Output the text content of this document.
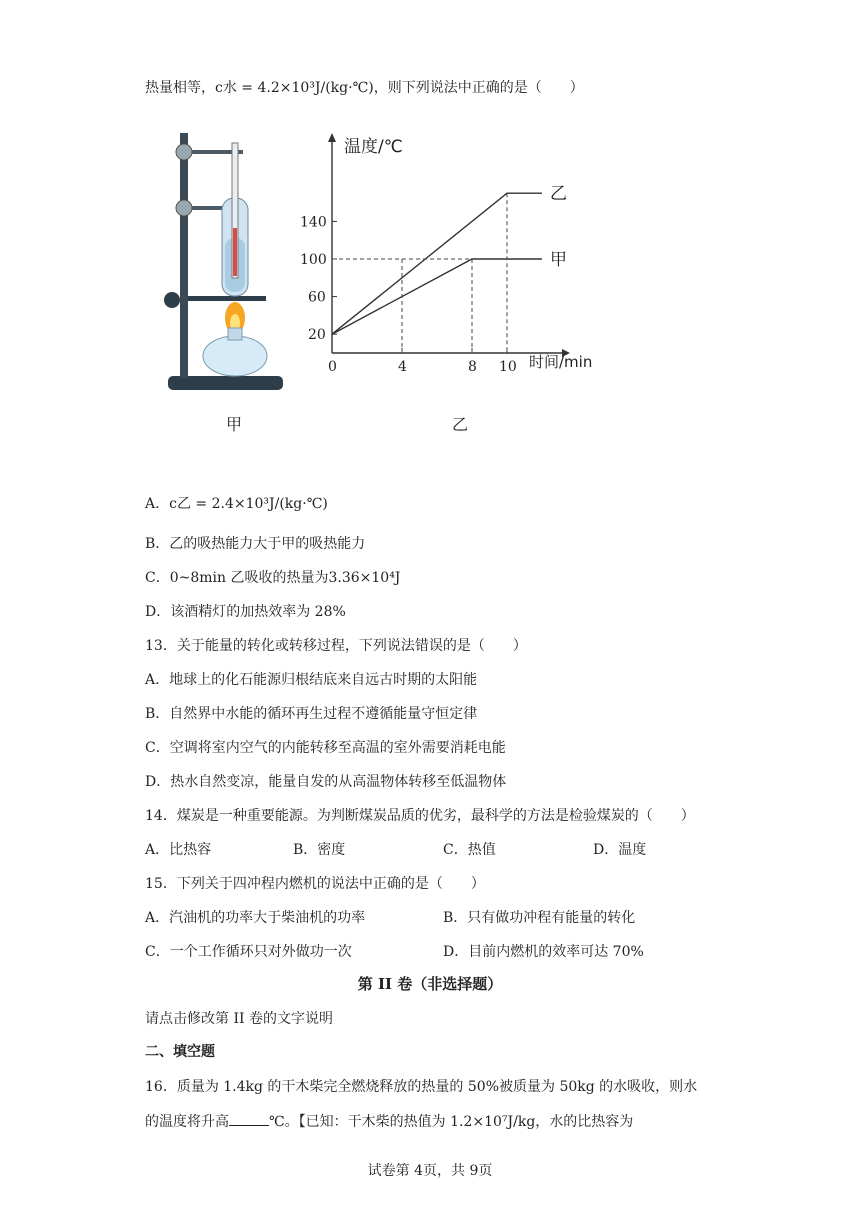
热量相等，c水 = 4.2×10³J/(kg·℃)，则下列说法中正确的是（　　）
甲
温度/℃
时间/min
0	4	8 10
20
60
100
140
乙
甲
乙
A．c乙 = 2.4×10³J/(kg·℃)
B．乙的吸热能力大于甲的吸热能力
C．0~8min 乙吸收的热量为3.36×10⁴J
D．该酒精灯的加热效率为 28%
13．关于能量的转化或转移过程，下列说法错误的是（　　）
A．地球上的化石能源归根结底来自远古时期的太阳能
B．自然界中水能的循环再生过程不遵循能量守恒定律
C．空调将室内空气的内能转移至高温的室外需要消耗电能
D．热水自然变凉，能量自发的从高温物体转移至低温物体
14．煤炭是一种重要能源。为判断煤炭品质的优劣，最科学的方法是检验煤炭的（　　）
A．比热容	B．密度	C．热值	D．温度
15．下列关于四冲程内燃机的说法中正确的是（　　）
A．汽油机的功率大于柴油机的功率	B．只有做功冲程有能量的转化
C．一个工作循环只对外做功一次	D．目前内燃机的效率可达 70%
第 II 卷（非选择题）
请点击修改第 II 卷的文字说明
二、填空题
16．质量为 1.4kg 的干木柴完全燃烧释放的热量的 50%被质量为 50kg 的水吸收，则水
的温度将升高	℃。【已知：干木柴的热值为 1.2×10⁷J/kg，水的比热容为
试卷第 4页，共 9页
